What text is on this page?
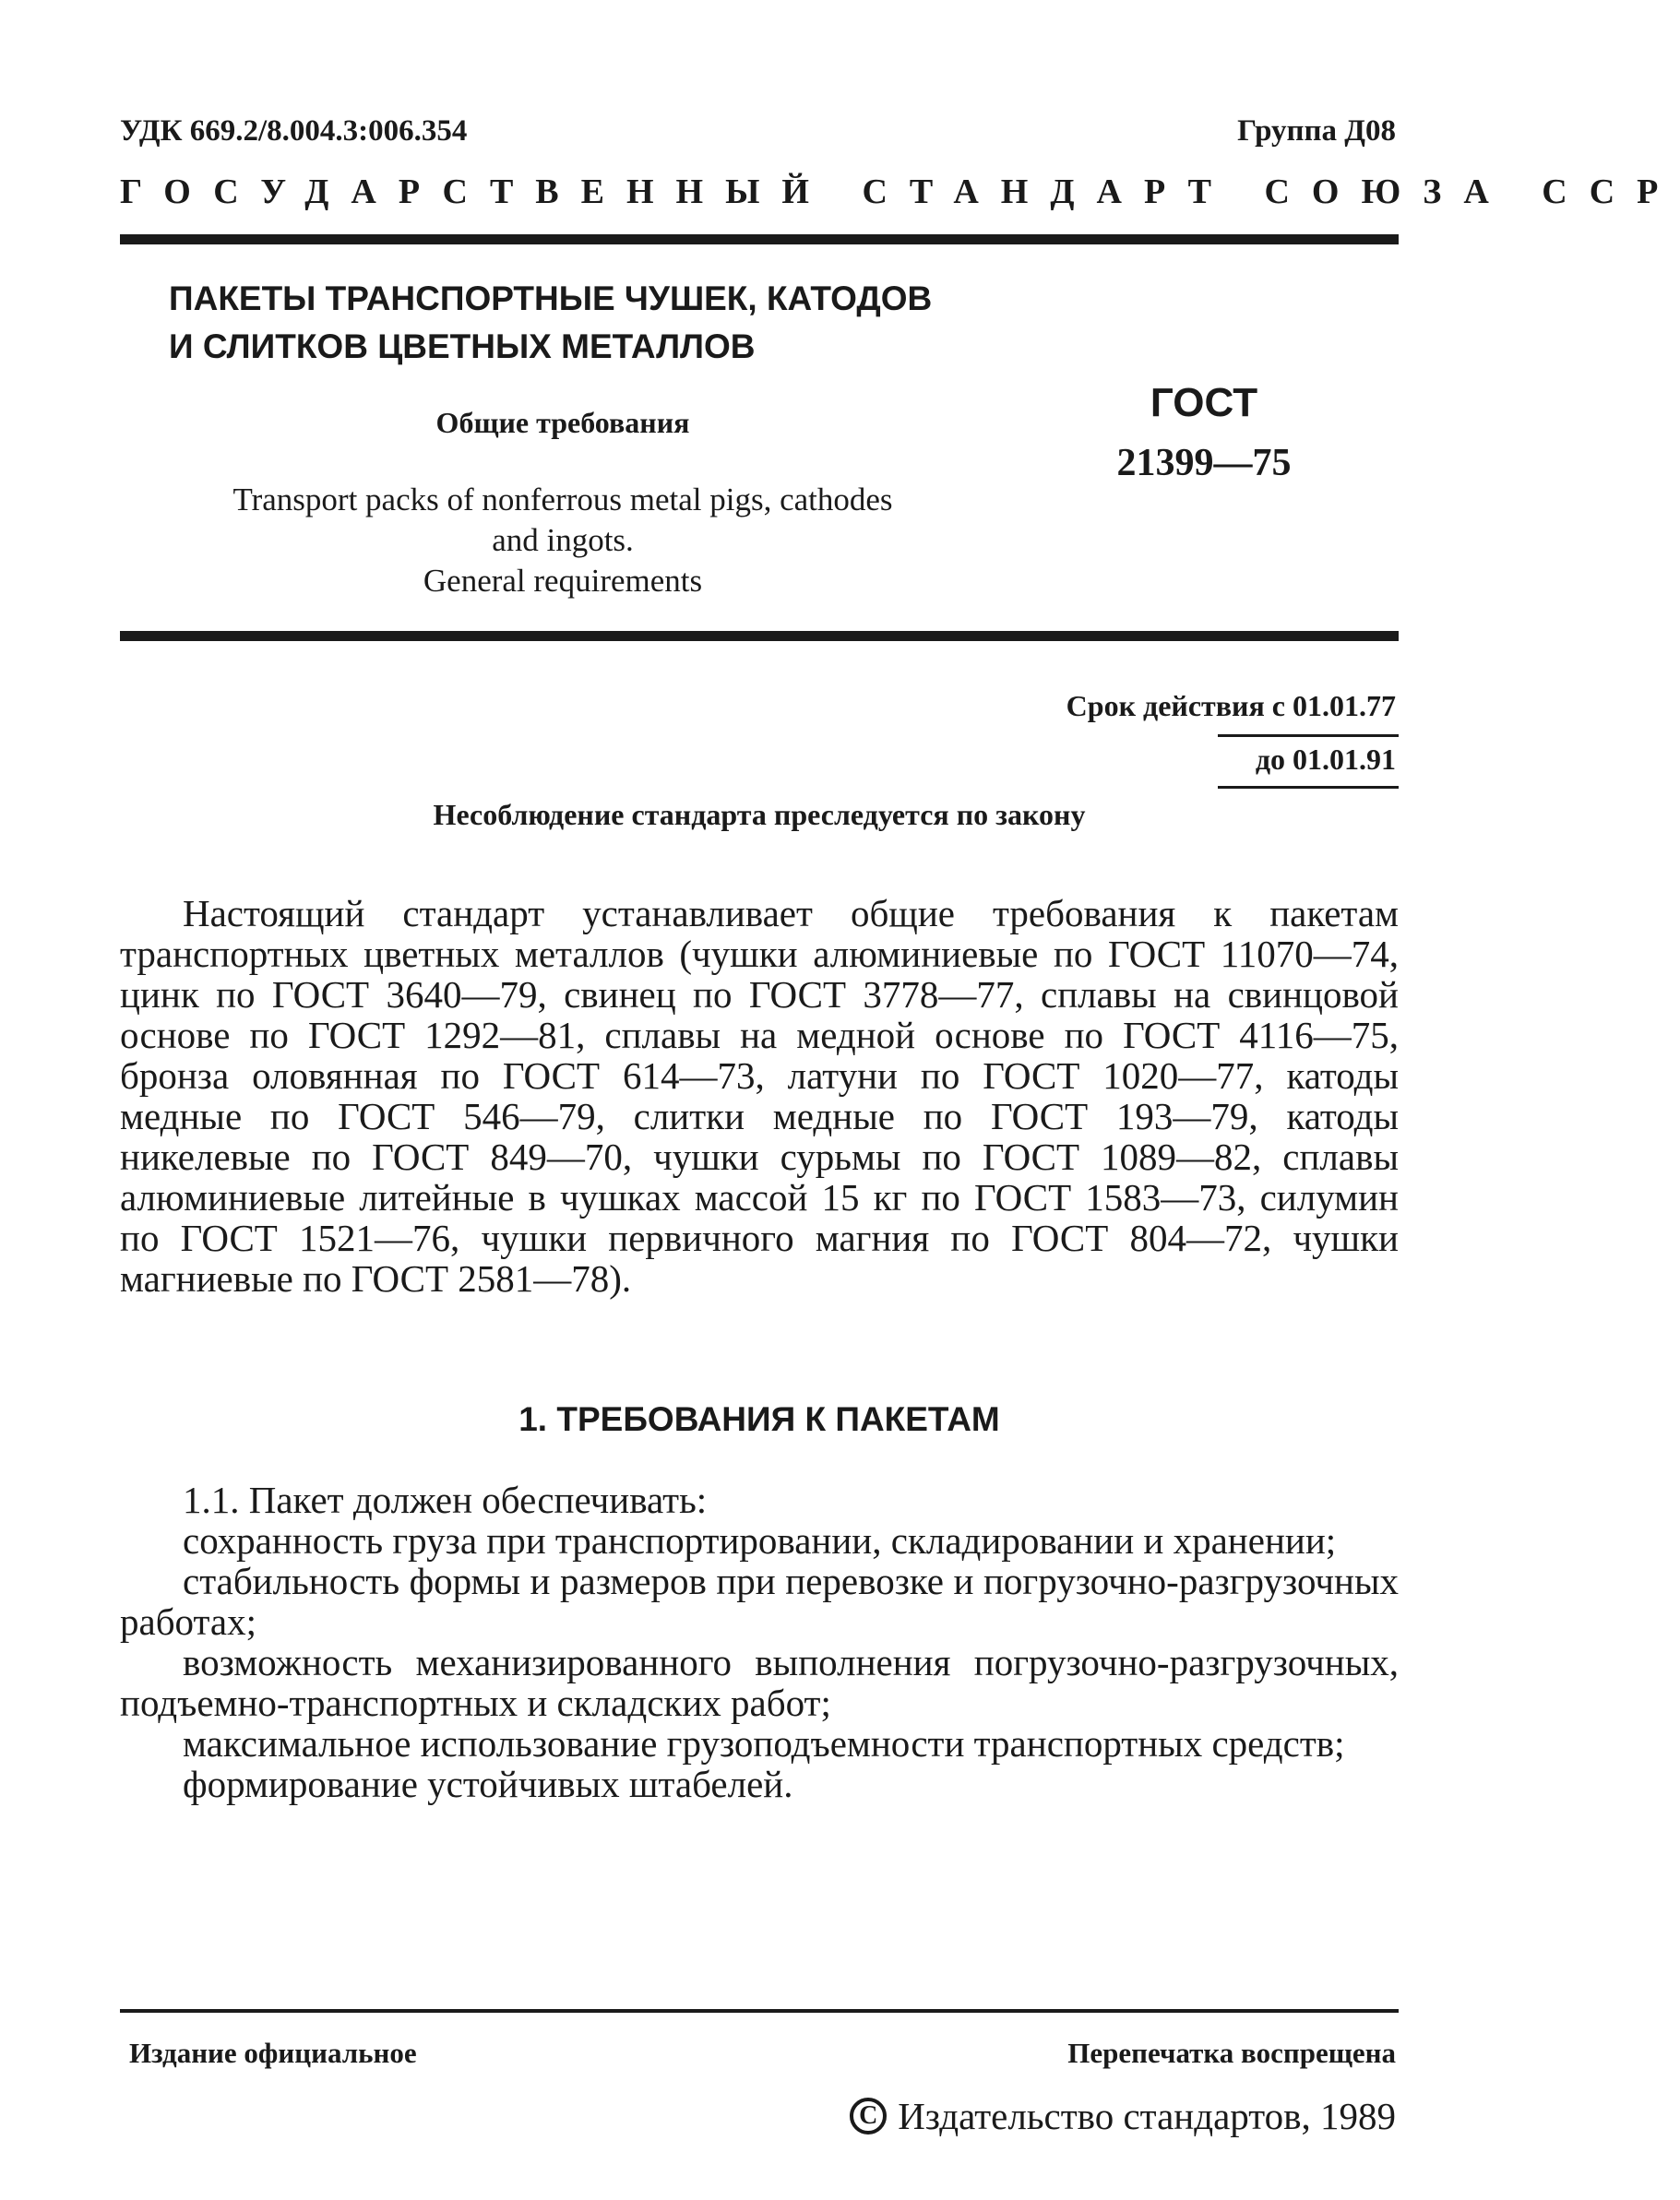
УДК 669.2/8.004.3:006.354	Группа Д08
ГОСУДАРСТВЕННЫЙ СТАНДАРТ СОЮЗА ССР
ПАКЕТЫ ТРАНСПОРТНЫЕ ЧУШЕК, КАТОДОВ
И СЛИТКОВ ЦВЕТНЫХ МЕТАЛЛОВ
Общие требования
Transport packs of nonferrous metal pigs, cathodes
and ingots.
General requirements
ГОСТ
21399—75
Срок действия с 01.01.77
до 01.01.91
Несоблюдение стандарта преследуется по закону

Настоящий стандарт устанавливает общие требования к пакетам транспортных цветных металлов (чушки алюминиевые по ГОСТ 11070—74, цинк по ГОСТ 3640—79, свинец по ГОСТ 3778—77, сплавы на свинцовой основе по ГОСТ 1292—81, сплавы на медной основе по ГОСТ 4116—75, бронза оловянная по ГОСТ 614—73, латуни по ГОСТ 1020—77, катоды медные по ГОСТ 546—79, слитки медные по ГОСТ 193—79, катоды никелевые по ГОСТ 849—70, чушки сурьмы по ГОСТ 1089—82, сплавы алюминиевые литейные в чушках массой 15 кг по ГОСТ 1583—73, силумин по ГОСТ 1521—76, чушки первичного магния по ГОСТ 804—72, чушки магниевые по ГОСТ 2581—78).

1. ТРЕБОВАНИЯ К ПАКЕТАМ

1.1. Пакет должен обеспечивать:

сохранность груза при транспортировании, складировании и хранении;

стабильность формы и размеров при перевозке и погрузочно-разгрузочных работах;

возможность механизированного выполнения погрузочно-разгрузочных, подъемно-транспортных и складских работ;

максимальное использование грузоподъемности транспортных средств;

формирование устойчивых штабелей.

Издание официальное	Перепечатка воспрещена
C Издательство стандартов, 1989
